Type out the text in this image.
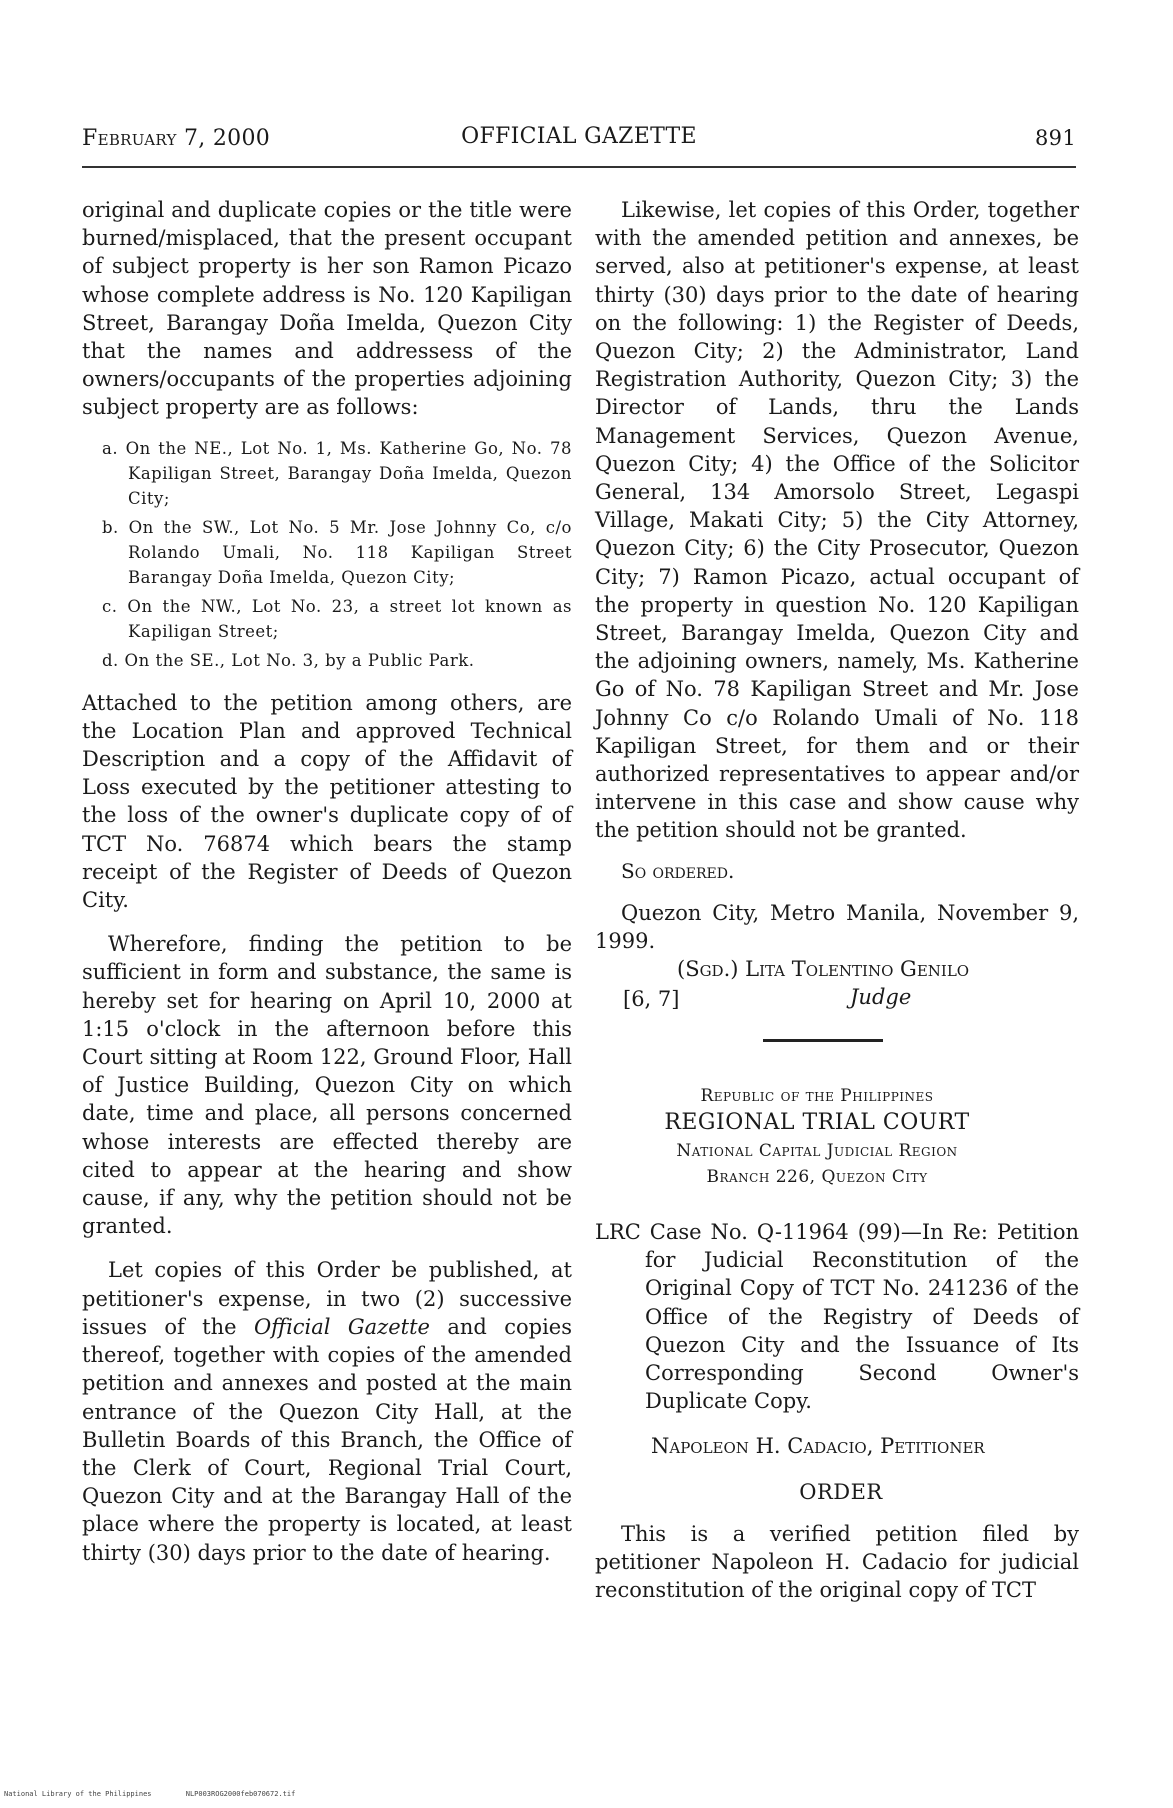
February 7, 2000	OFFICIAL GAZETTE	891

original and duplicate copies or the title were burned/misplaced, that the present occupant of subject property is her son Ramon Picazo whose complete address is No. 120 Kapiligan Street, Barangay Doña Imelda, Quezon City that the names and addressess of the owners/occupants of the properties adjoining subject property are as follows:

a. On the NE., Lot No. 1, Ms. Katherine Go, No. 78 Kapiligan Street, Barangay Doña Imelda, Quezon City;
b. On the SW., Lot No. 5 Mr. Jose Johnny Co, c/o Rolando Umali, No. 118 Kapiligan Street Barangay Doña Imelda, Quezon City;
c. On the NW., Lot No. 23, a street lot known as Kapiligan Street;
d. On the SE., Lot No. 3, by a Public Park.

Attached to the petition among others, are the Location Plan and approved Technical Description and a copy of the Affidavit of Loss executed by the petitioner attesting to the loss of the owner's duplicate copy of of TCT No. 76874 which bears the stamp receipt of the Register of Deeds of Quezon City.

Wherefore, finding the petition to be sufficient in form and substance, the same is hereby set for hearing on April 10, 2000 at 1:15 o'clock in the afternoon before this Court sitting at Room 122, Ground Floor, Hall of Justice Building, Quezon City on which date, time and place, all persons concerned whose interests are effected thereby are cited to appear at the hearing and show cause, if any, why the petition should not be granted.

Let copies of this Order be published, at petitioner's expense, in two (2) successive issues of the Official Gazette and copies thereof, together with copies of the amended petition and annexes and posted at the main entrance of the Quezon City Hall, at the Bulletin Boards of this Branch, the Office of the Clerk of Court, Regional Trial Court, Quezon City and at the Barangay Hall of the place where the property is located, at least thirty (30) days prior to the date of hearing.

Likewise, let copies of this Order, together with the amended petition and annexes, be served, also at petitioner's expense, at least thirty (30) days prior to the date of hearing on the following: 1) the Register of Deeds, Quezon City; 2) the Administrator, Land Registration Authority, Quezon City; 3) the Director of Lands, thru the Lands Management Services, Quezon Avenue, Quezon City; 4) the Office of the Solicitor General, 134 Amorsolo Street, Legaspi Village, Makati City; 5) the City Attorney, Quezon City; 6) the City Prosecutor, Quezon City; 7) Ramon Picazo, actual occupant of the property in question No. 120 Kapiligan Street, Barangay Imelda, Quezon City and the adjoining owners, namely, Ms. Katherine Go of No. 78 Kapiligan Street and Mr. Jose Johnny Co c/o Rolando Umali of No. 118 Kapiligan Street, for them and or their authorized representatives to appear and/or intervene in this case and show cause why the petition should not be granted.

So ordered.

Quezon City, Metro Manila, November 9, 1999.

(Sgd.) Lita Tolentino Genilo
[6, 7]	Judge
Republic of the Philippines
REGIONAL TRIAL COURT
National Capital Judicial Region
Branch 226, Quezon City
LRC Case No. Q-11964 (99)—In Re: Petition for Judicial Reconstitution of the Original Copy of TCT No. 241236 of the Office of the Registry of Deeds of Quezon City and the Issuance of Its Corresponding Second Owner's Duplicate Copy.
Napoleon H. Cadacio, Petitioner
ORDER

This is a verified petition filed by petitioner Napoleon H. Cadacio for judicial reconstitution of the original copy of TCT

National Library of the Philippines	NLP003ROG2000feb070672.tif
